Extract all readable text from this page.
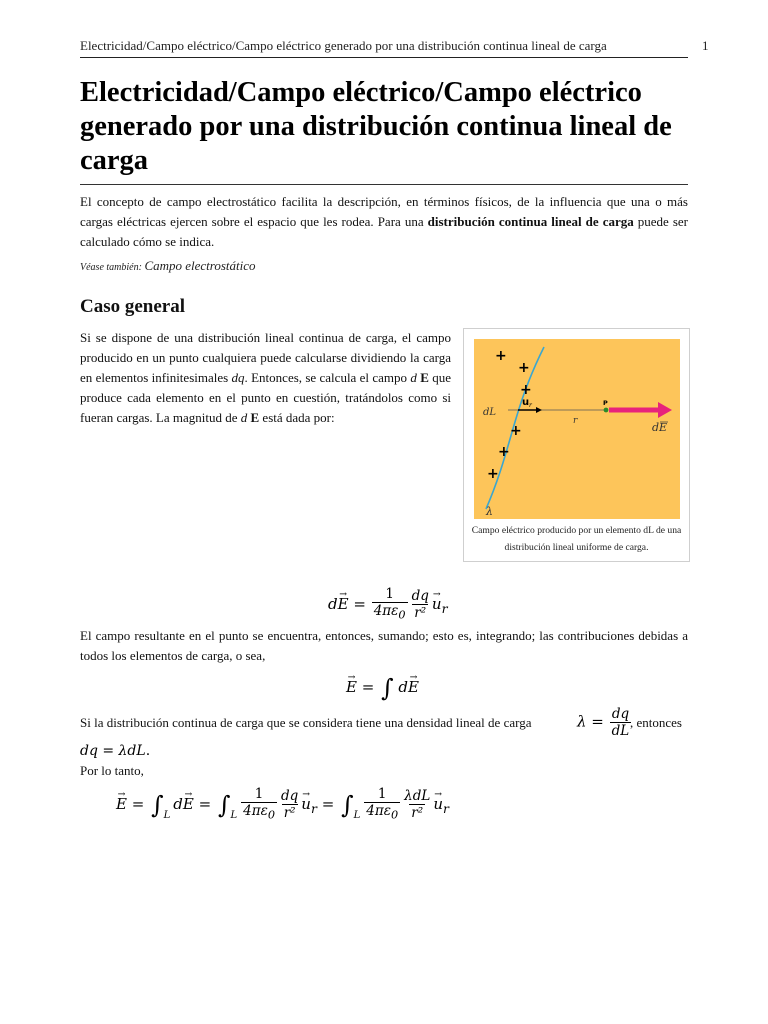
Electricidad/Campo eléctrico/Campo eléctrico generado por una distribución continua lineal de carga	1
Electricidad/Campo eléctrico/Campo eléctrico generado por una distribución continua lineal de carga

El concepto de campo electrostático facilita la descripción, en términos físicos, de la influencia que una o más cargas eléctricas ejercen sobre el espacio que les rodea. Para una distribución continua lineal de carga puede ser calculado cómo se indica.

Véase también: Campo electrostático
Caso general

Si se dispone de una distribución lineal continua de carga, el campo producido en un punto cualquiera puede calcularse dividiendo la carga en elementos infinitesimales dq. Entonces, se calcula el campo d E que produce cada elemento en el punto en cuestión, tratándolos como si fueran cargas. La magnitud de d E está dada por:

+
+
+
+
+
+
dL
u r
r
P
dE
λ
Campo eléctrico producido por un elemento dL de una distribución lineal uniforme de carga.
$d\to E = \frac{1}{4\pi\varepsilon_0} \frac{dq}{\text{r²}}$
→ $u_r$

El campo resultante en el punto se encuentra, entonces, sumando; esto es, integrando; las contribuciones debidas a todos los elementos de carga, o sea,

→ E = ∫ d→ E

Si la distribución continua de carga que se considera tiene una densidad lineal de carga	$\lambda = \frac{dq}{dL}$

, entonces

dq = λdL.

Por lo tanto,

→ $E = \int_Ld\to E = \int_L \frac{1}{4\pi\varepsilon_0} \frac{dq}{\text{r²}}$
→ $u_r = \int_L \frac{1}{4\pi\varepsilon_0} \frac{\text{λdL}}{\text{r²}}$
→ $u_r$
